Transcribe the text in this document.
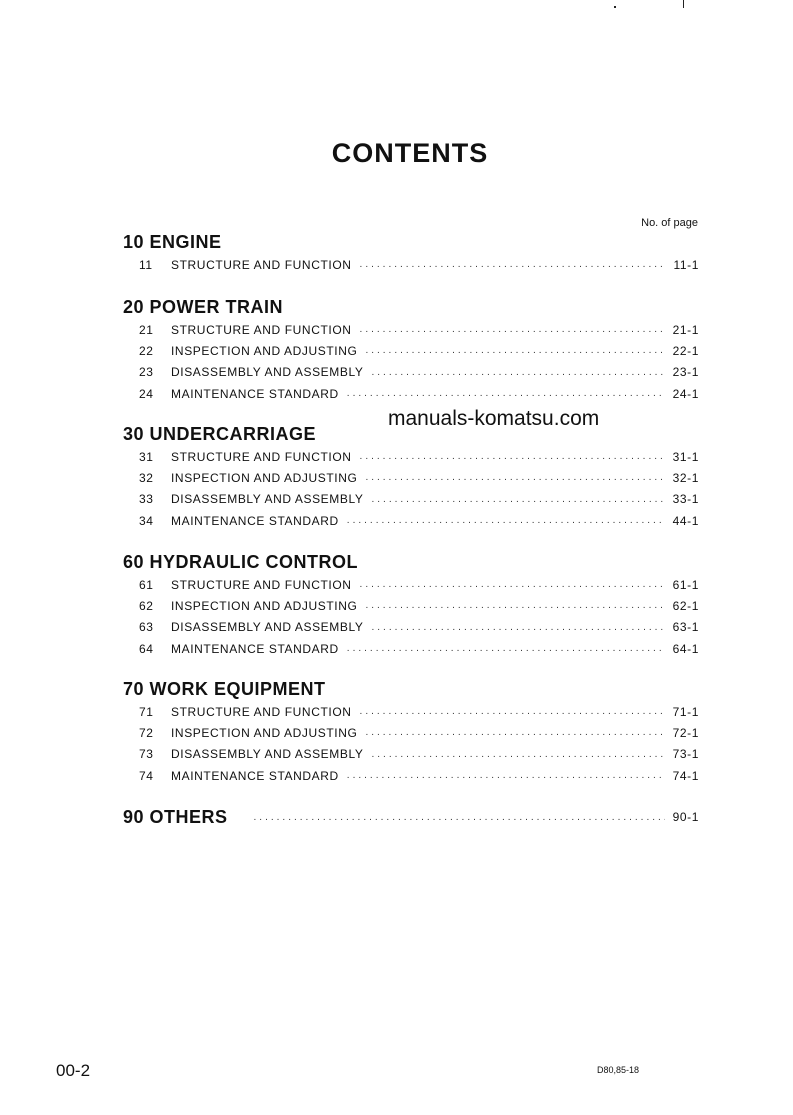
CONTENTS
No. of page
10 ENGINE
11	STRUCTURE AND FUNCTION .....	11-1
20 POWER TRAIN
21	STRUCTURE AND FUNCTION .....	21-1
22	INSPECTION AND ADJUSTING .....	22-1
23	DISASSEMBLY AND ASSEMBLY .....	23-1
24	MAINTENANCE STANDARD .....	24-1
30 UNDERCARRIAGE
31	STRUCTURE AND FUNCTION .....	31-1
32	INSPECTION AND ADJUSTING .....	32-1
33	DISASSEMBLY AND ASSEMBLY .....	33-1
34	MAINTENANCE STANDARD .....	44-1
60 HYDRAULIC CONTROL
61	STRUCTURE AND FUNCTION .....	61-1
62	INSPECTION AND ADJUSTING .....	62-1
63	DISASSEMBLY AND ASSEMBLY .....	63-1
64	MAINTENANCE STANDARD .....	64-1
70 WORK EQUIPMENT
71	STRUCTURE AND FUNCTION .....	71-1
72	INSPECTION AND ADJUSTING .....	72-1
73	DISASSEMBLY AND ASSEMBLY .....	73-1
74	MAINTENANCE STANDARD .....	74-1
90 OTHERS .....	90-1
manuals-komatsu.com
00-2	D80,85-18
